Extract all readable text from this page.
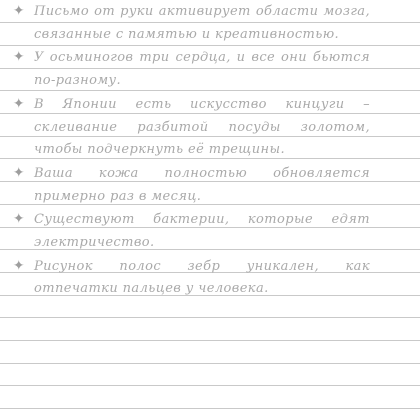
✦ Письмо от руки активирует области мозга, связанные с памятью и креативностью.
✦ У осьминогов три сердца, и все они бьются по-разному.
✦ В Японии есть искусство кинцуги – склеивание разбитой посуды золотом, чтобы подчеркнуть её трещины.
✦ Ваша кожа полностью обновляется примерно раз в месяц.
✦ Существуют бактерии, которые едят электричество.
✦ Рисунок полос зебр уникален, как отпечатки пальцев у человека.
